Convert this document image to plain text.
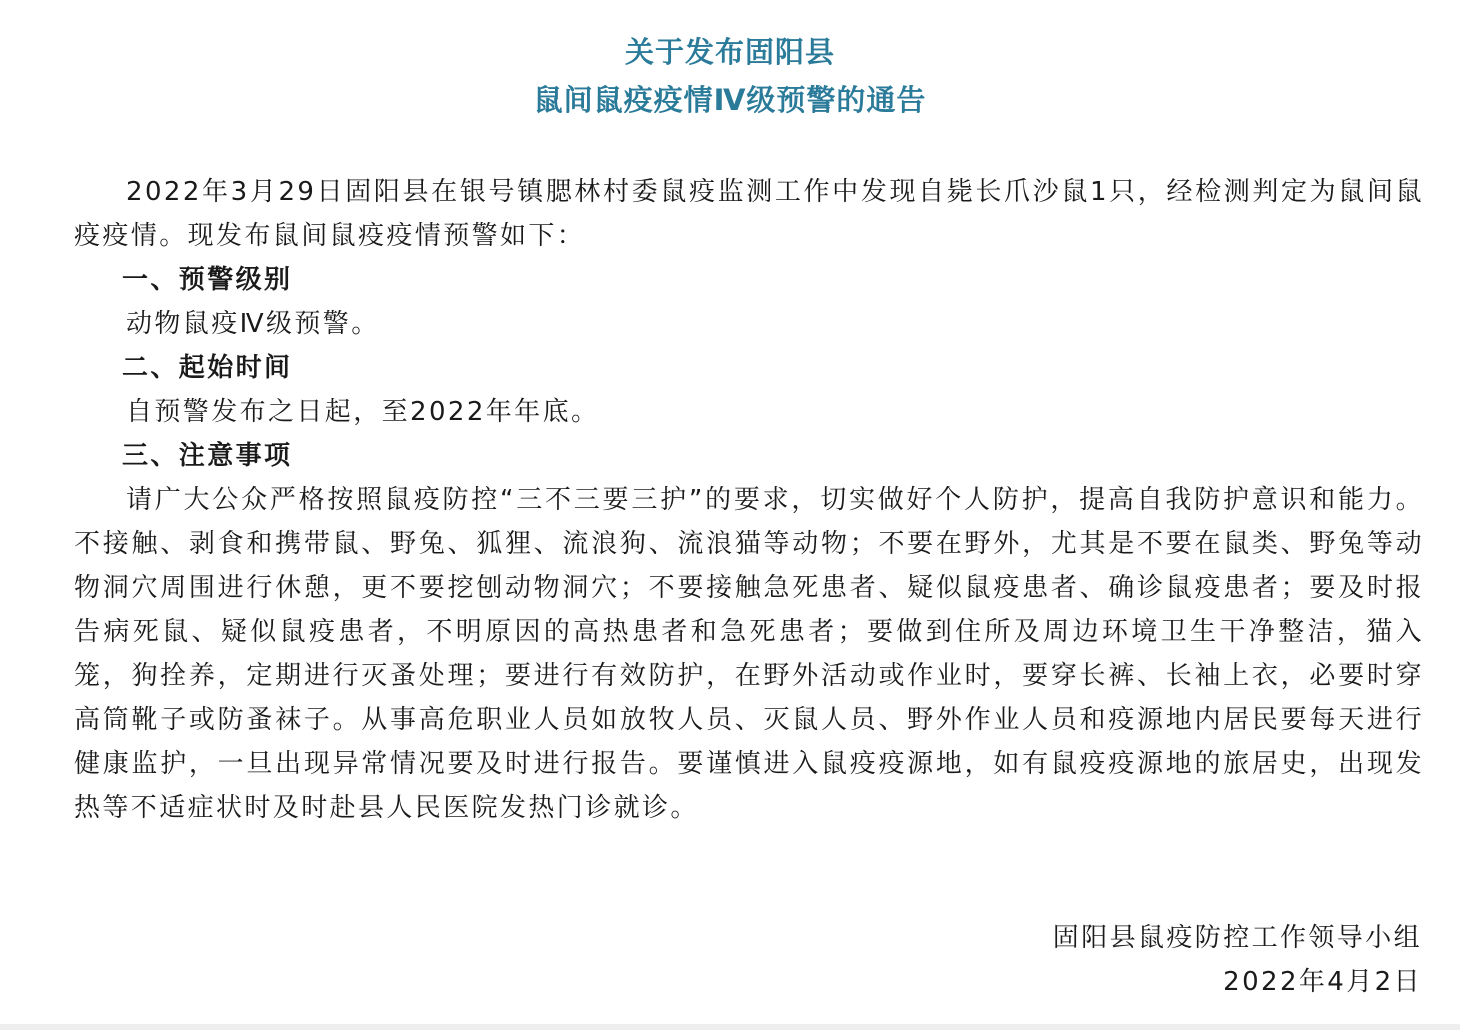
关于发布固阳县
鼠间鼠疫疫情Ⅳ级预警的通告

2022年3月29日固阳县在银号镇腮林村委鼠疫监测工作中发现自毙长爪沙鼠1只，经检测判定为鼠间鼠疫疫情。现发布鼠间鼠疫疫情预警如下：

一、预警级别

动物鼠疫Ⅳ级预警。

二、起始时间

自预警发布之日起，至2022年年底。

三、注意事项

请广大公众严格按照鼠疫防控“三不三要三护”的要求，切实做好个人防护，提高自我防护意识和能力。不接触、剥食和携带鼠、野兔、狐狸、流浪狗、流浪猫等动物；不要在野外，尤其是不要在鼠类、野兔等动物洞穴周围进行休憩，更不要挖刨动物洞穴；不要接触急死患者、疑似鼠疫患者、确诊鼠疫患者；要及时报告病死鼠、疑似鼠疫患者，不明原因的高热患者和急死患者；要做到住所及周边环境卫生干净整洁，猫入笼，狗拴养，定期进行灭蚤处理；要进行有效防护，在野外活动或作业时，要穿长裤、长袖上衣，必要时穿高筒靴子或防蚤袜子。从事高危职业人员如放牧人员、灭鼠人员、野外作业人员和疫源地内居民要每天进行健康监护，一旦出现异常情况要及时进行报告。要谨慎进入鼠疫疫源地，如有鼠疫疫源地的旅居史，出现发热等不适症状时及时赴县人民医院发热门诊就诊。

固阳县鼠疫防控工作领导小组
2022年4月2日
